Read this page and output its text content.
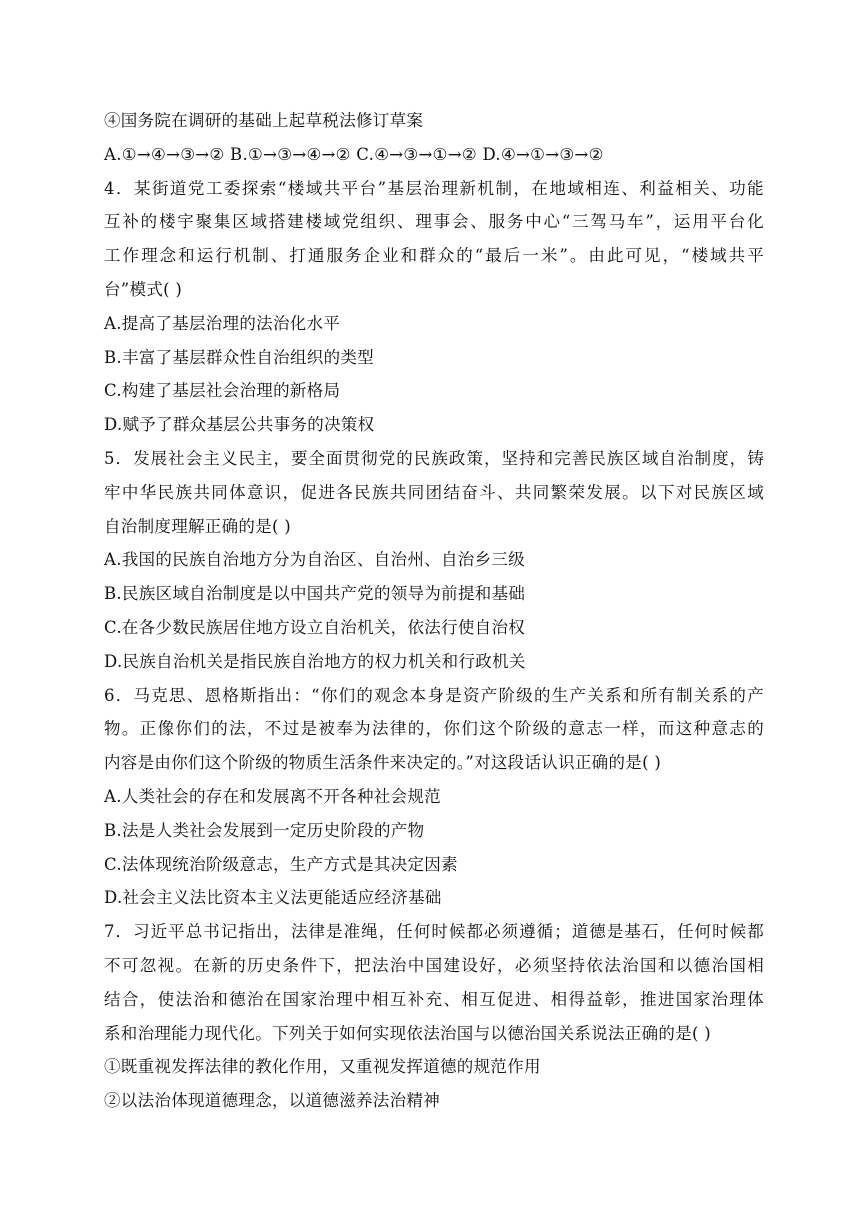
④国务院在调研的基础上起草税法修订草案
A.①→④→③→② B.①→③→④→② C.④→③→①→② D.④→①→③→②
4．某街道党工委探索“楼域共平台”基层治理新机制，在地域相连、利益相关、功能
互补的楼宇聚集区域搭建楼域党组织、理事会、服务中心“三驾马车”，运用平台化
工作理念和运行机制、打通服务企业和群众的“最后一米”。由此可见，“楼域共平
台”模式( )
A.提高了基层治理的法治化水平
B.丰富了基层群众性自治组织的类型
C.构建了基层社会治理的新格局
D.赋予了群众基层公共事务的决策权
5．发展社会主义民主，要全面贯彻党的民族政策，坚持和完善民族区域自治制度，铸
牢中华民族共同体意识，促进各民族共同团结奋斗、共同繁荣发展。以下对民族区域
自治制度理解正确的是( )
A.我国的民族自治地方分为自治区、自治州、自治乡三级
B.民族区域自治制度是以中国共产党的领导为前提和基础
C.在各少数民族居住地方设立自治机关，依法行使自治权
D.民族自治机关是指民族自治地方的权力机关和行政机关
6．马克思、恩格斯指出：“你们的观念本身是资产阶级的生产关系和所有制关系的产
物。正像你们的法，不过是被奉为法律的，你们这个阶级的意志一样，而这种意志的
内容是由你们这个阶级的物质生活条件来决定的。”对这段话认识正确的是( )
A.人类社会的存在和发展离不开各种社会规范
B.法是人类社会发展到一定历史阶段的产物
C.法体现统治阶级意志，生产方式是其决定因素
D.社会主义法比资本主义法更能适应经济基础
7．习近平总书记指出，法律是准绳，任何时候都必须遵循；道德是基石，任何时候都
不可忽视。在新的历史条件下，把法治中国建设好，必须坚持依法治国和以德治国相
结合，使法治和德治在国家治理中相互补充、相互促进、相得益彰，推进国家治理体
系和治理能力现代化。下列关于如何实现依法治国与以德治国关系说法正确的是( )
①既重视发挥法律的教化作用，又重视发挥道德的规范作用
②以法治体现道德理念，以道德滋养法治精神
